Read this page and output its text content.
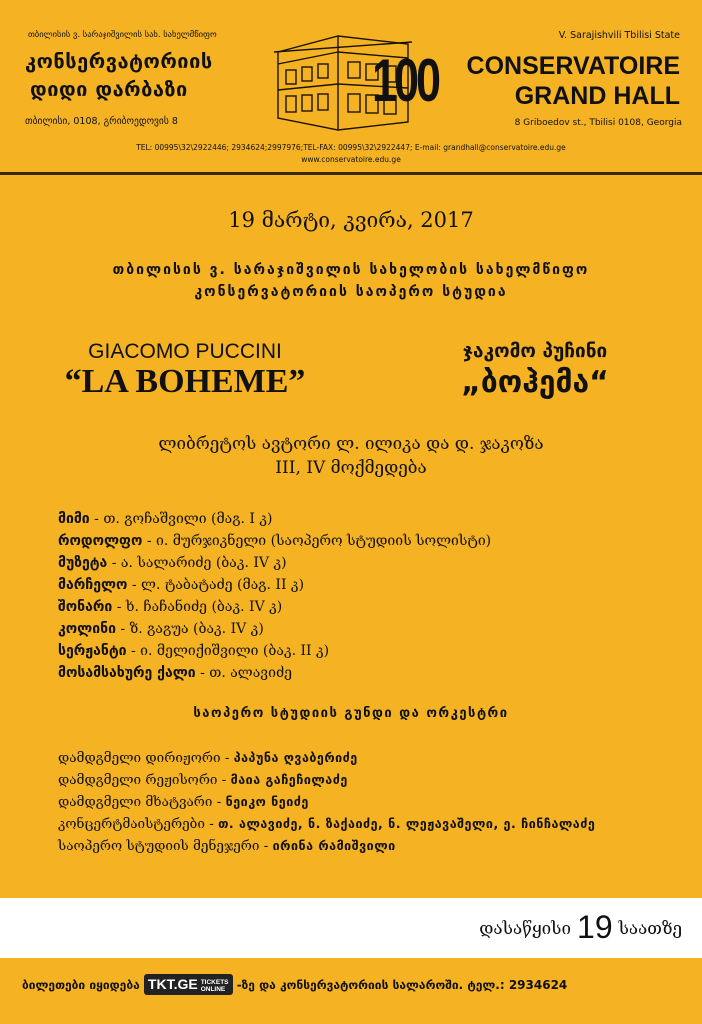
თბილისის ვ. სარაჯიშვილის სახ. სახელმწიფო
კონსერვატორიის
დიდი დარბაზი
თბილისი, 0108, გრიბოედოვის 8
100
V. Sarajishvili Tbilisi State
CONSERVATOIRE
GRAND HALL
8 Griboedov st., Tbilisi 0108, Georgia
TEL: 00995\32\2922446; 2934624;2997976;TEL-FAX: 00995\32\2922447; E-mail: grandhall@conservatoire.edu.ge
www.conservatoire.edu.ge
19 მარტი, კვირა, 2017
თბილისის ვ. სარაჯიშვილის სახელობის სახელმწიფო
კონსერვატორიის საოპერო სტუდია
GIACOMO PUCCINI
“LA BOHEME”
ჯაკომო პუჩინი
„ბოჰემა“
ლიბრეტოს ავტორი ლ. ილიკა და დ. ჯაკოზა
III, IV მოქმედება
მიმი - თ. გოჩაშვილი (მაგ. I კ)
როდოლფო - ი. მურჯიკნელი (საოპერო სტუდიის სოლისტი)
მუზეტა - ა. სალარიძე (ბაკ. IV კ)
მარჩელო - ლ. ტაბატაძე (მაგ. II კ)
შონარი - ხ. ჩაჩანიძე (ბაკ. IV კ)
კოლინი - ზ. გაგუა (ბაკ. IV კ)
სერჟანტი - ი. მელიქიშვილი (ბაკ. II კ)
მოსამსახურე ქალი - თ. ალავიძე
საოპერო სტუდიის გუნდი და ორკესტრი
დამდგმელი დირიჟორი - პაპუნა ღვაბერიძე
დამდგმელი რეჟისორი - მაია გაჩეჩილაძე
დამდგმელი მხატვარი - ნეიკო ნეიძე
კონცერტმაისტერები - თ. ალავიძე, ნ. ზაქაიძე, ნ. ლეჟავაშელი, ე. ჩინჩალაძე
საოპერო სტუდიის მენეჯერი - ირინა რამიშვილი
დასაწყისი 19 საათზე
ბილეთები იყიდება TKT.GE TICKETS
ONLINE -ზე და კონსერვატორიის სალაროში. ტელ.: 2934624
